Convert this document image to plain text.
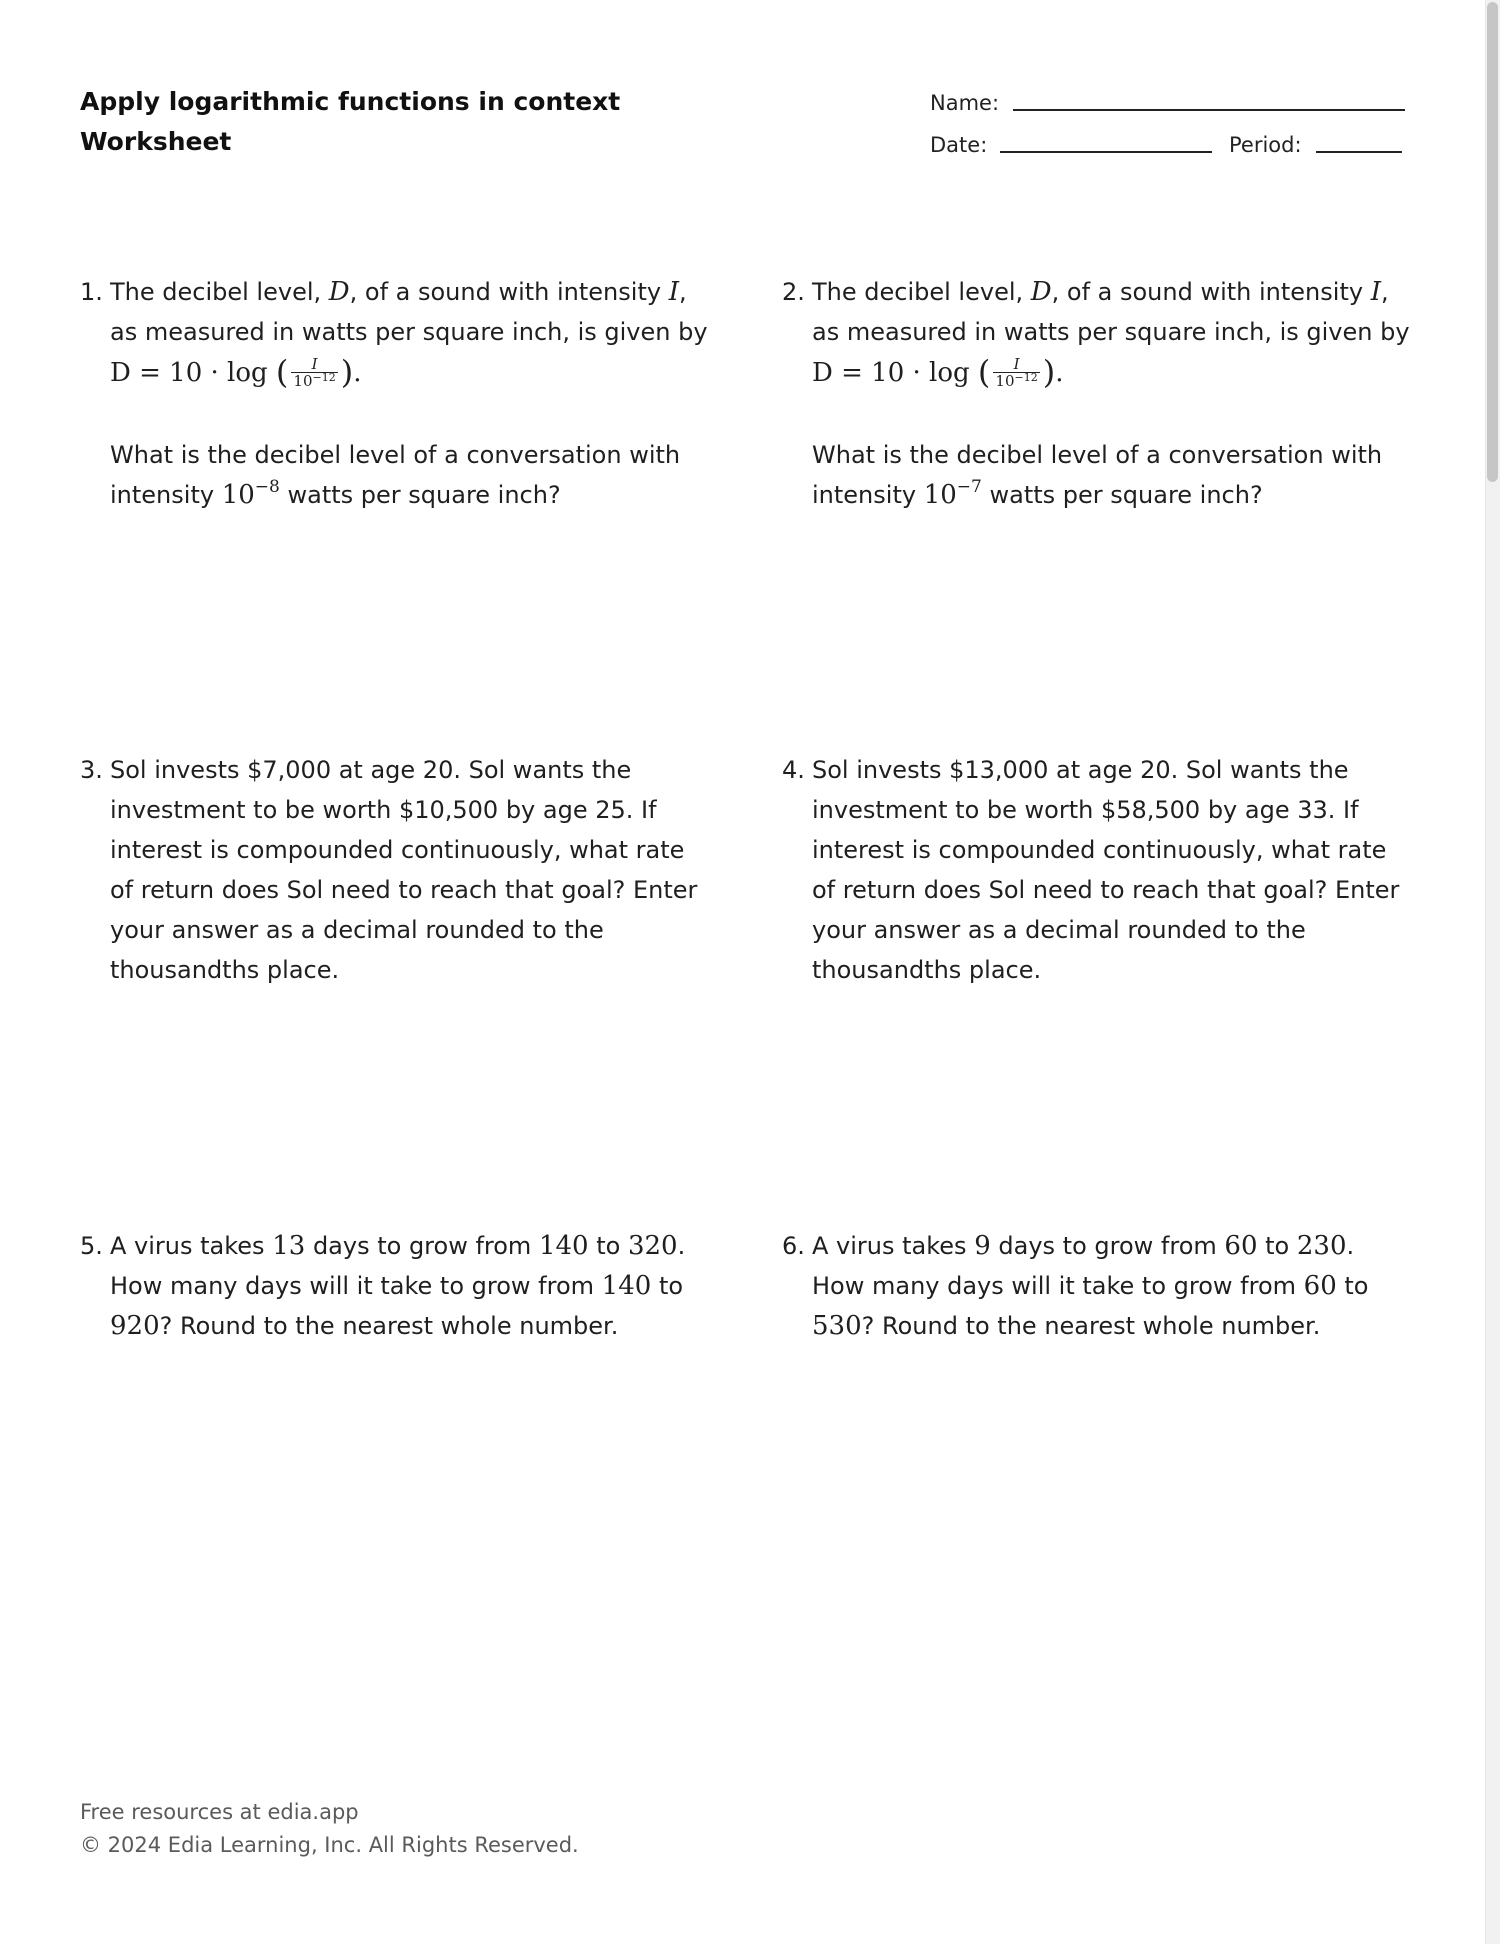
Apply logarithmic functions in context
Worksheet
Name:
Date:	Period:
1. The decibel level, D, of a sound with intensity I,
as measured in watts per square inch, is given by
D = 10 · log ( $\frac{I}{10^{-12}}$ ).
What is the decibel level of a conversation with
intensity $10^{-8}$ watts per square inch?
2. The decibel level, D, of a sound with intensity I,
as measured in watts per square inch, is given by
D = 10 · log ( $\frac{I}{10^{-12}}$ ).
What is the decibel level of a conversation with
intensity $10^{-7}$ watts per square inch?
3. Sol invests $7,000 at age 20. Sol wants the
investment to be worth $10,500 by age 25. If
interest is compounded continuously, what rate
of return does Sol need to reach that goal? Enter
your answer as a decimal rounded to the
thousandths place.
4. Sol invests $13,000 at age 20. Sol wants the
investment to be worth $58,500 by age 33. If
interest is compounded continuously, what rate
of return does Sol need to reach that goal? Enter
your answer as a decimal rounded to the
thousandths place.
5. A virus takes 13 days to grow from 140 to 320.
How many days will it take to grow from 140 to
920? Round to the nearest whole number.
6. A virus takes 9 days to grow from 60 to 230.
How many days will it take to grow from 60 to
530? Round to the nearest whole number.
Free resources at edia.app
© 2024 Edia Learning, Inc. All Rights Reserved.
